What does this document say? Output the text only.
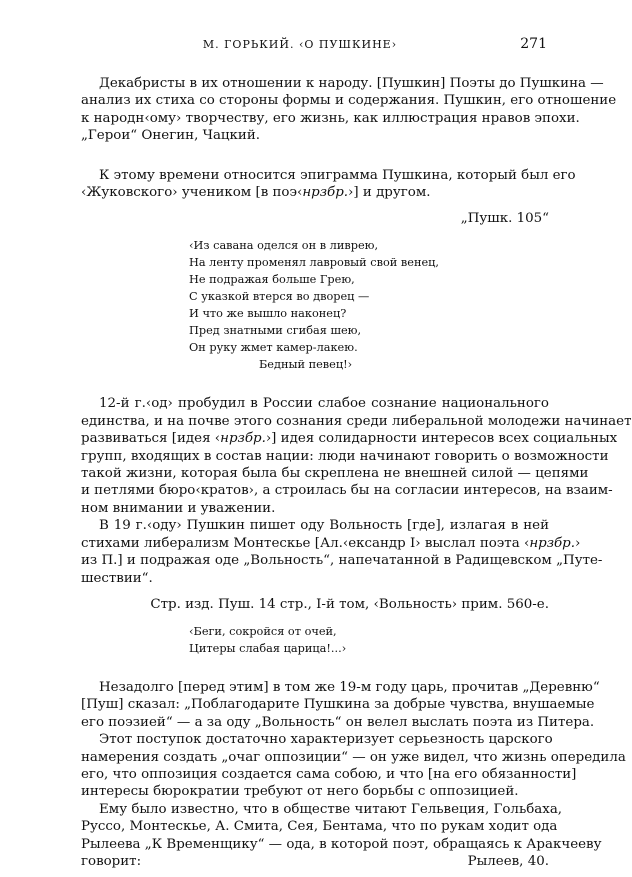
М. ГОРЬКИЙ. ‹О ПУШКИНЕ›	271
Декабристы в их отношении к народу. [Пушкин] Поэты до Пушкина —
анализ их стиха со стороны формы и содержания. Пушкин, его отношение
к народн‹ому› творчеству, его жизнь, как иллюстрация нравов эпохи.
„Герои“ Онегин, Чацкий.
К этому времени относится эпиграмма Пушкина, который был его
‹Жуковского› учеником [в поэ‹нрзбр.›] и другом.
„Пушк. 105“
‹Из савана оделся он в ливрею,
На ленту променял лавровый свой венец,
Не подражая больше Грею,
С указкой втерся во дворец —
И что же вышло наконец?
Пред знатными сгибая шею,
Он руку жмет камер-лакею.
Бедный певец!›
12-й г.‹од› пробудил в России слабое сознание национального
единства, и на почве этого сознания среди либеральной молодежи начинает
развиваться [идея ‹нрзбр.›] идея солидарности интересов всех социальных
групп, входящих в состав нации: люди начинают говорить о возможности
такой жизни, которая была бы скреплена не внешней силой — цепями
и петлями бюро‹кратов›, а строилась бы на согласии интересов, на взаим-
ном внимании и уважении.
В 19 г.‹оду› Пушкин пишет оду Вольность [где], излагая в ней
стихами либерализм Монтескье [Ал.‹ександр I› выслал поэта ‹нрзбр.›
из П.] и подражая оде „Вольность“, напечатанной в Радищевском „Путе-
шествии“.
Стр. изд. Пуш. 14 стр., I-й том, ‹Вольность› прим. 560-е.
‹Беги, сокройся от очей,
Цитеры слабая царица!...›
Незадолго [перед этим] в том же 19-м году царь, прочитав „Деревню“
[Пуш] сказал: „Поблагодарите Пушкина за добрые чувства, внушаемые
его поэзией“ — а за оду „Вольность“ он велел выслать поэта из Питера.
Этот поступок достаточно характеризует серьезность царского
намерения создать „очаг оппозиции“ — он уже видел, что жизнь опередила
его, что оппозиция создается сама собою, и что [на его обязанности]
интересы бюрократии требуют от него борьбы с оппозицией.
Ему было известно, что в обществе читают Гельвеция, Гольбаха,
Руссо, Монтескье, А. Смита, Сея, Бентама, что по рукам ходит ода
Рылеева „К Временщику“ — ода, в которой поэт, обращаясь к Аракчееву
говорит:	Рылеев, 40.
